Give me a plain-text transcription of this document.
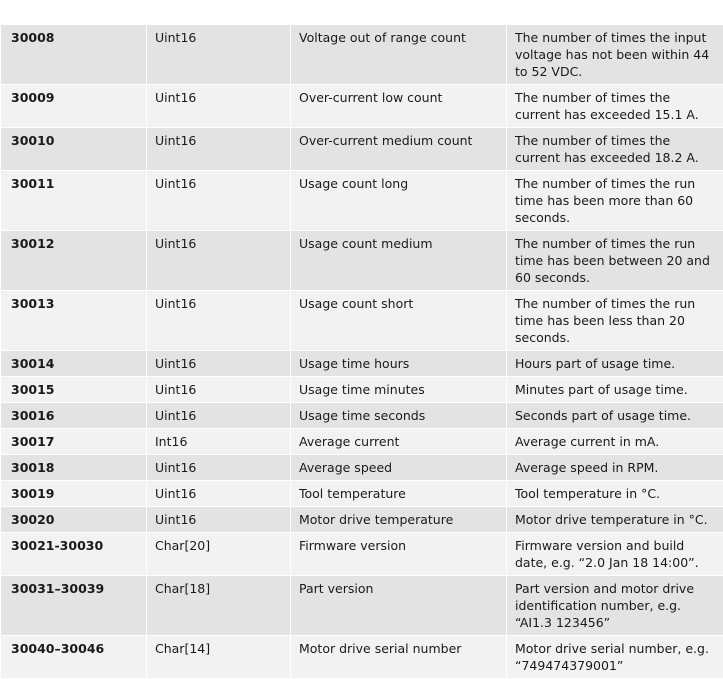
30008	Uint16	Voltage out of range count	The number of times the input voltage has not been within 44 to 52 VDC.
30009	Uint16	Over-current low count	The number of times the current has exceeded 15.1 A.
30010	Uint16	Over-current medium count	The number of times the current has exceeded 18.2 A.
30011	Uint16	Usage count long	The number of times the run time has been more than 60 seconds.
30012	Uint16	Usage count medium	The number of times the run time has been between 20 and 60 seconds.
30013	Uint16	Usage count short	The number of times the run time has been less than 20 seconds.
30014	Uint16	Usage time hours	Hours part of usage time.
30015	Uint16	Usage time minutes	Minutes part of usage time.
30016	Uint16	Usage time seconds	Seconds part of usage time.
30017	Int16	Average current	Average current in mA.
30018	Uint16	Average speed	Average speed in RPM.
30019	Uint16	Tool temperature	Tool temperature in °C.
30020	Uint16	Motor drive temperature	Motor drive temperature in °C.
30021-30030	Char[20]	Firmware version	Firmware version and build date, e.g. “2.0 Jan 18 14:00”.
30031–30039	Char[18]	Part version	Part version and motor drive identification number, e.g. “AI1.3 123456”
30040–30046	Char[14]	Motor drive serial number	Motor drive serial number, e.g. “749474379001”
